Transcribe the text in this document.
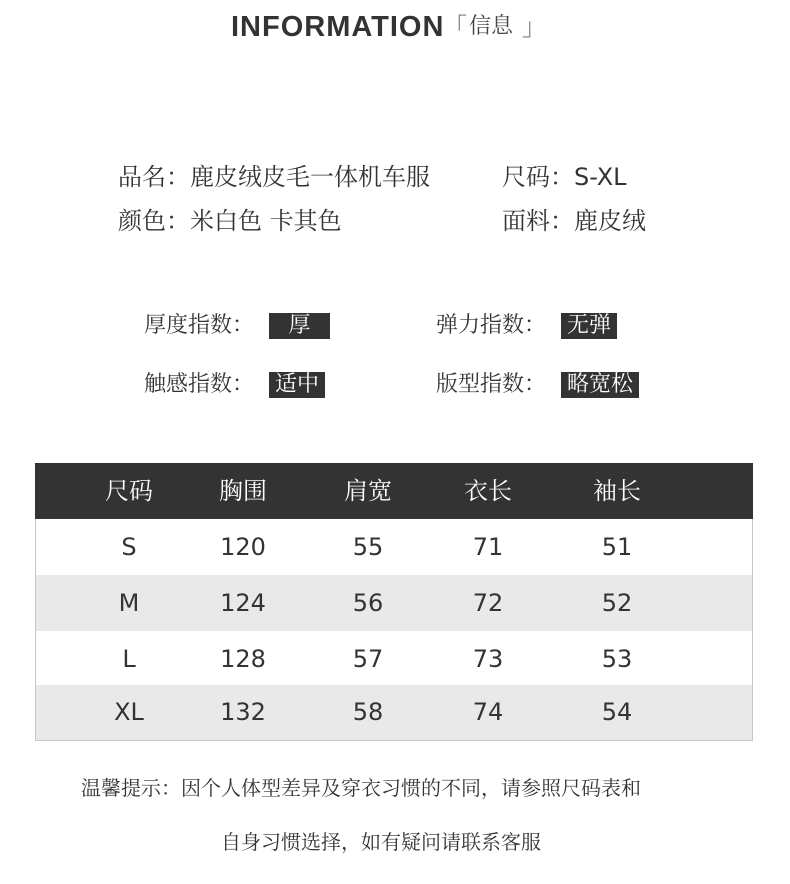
INFORMATION
「 信息 」
品名：鹿皮绒皮毛一体机车服	尺码：S-XL
颜色：米白色 卡其色	面料：鹿皮绒
厚度指数：	厚	弹力指数： 无弹
触感指数： 适中	版型指数： 略宽松
尺码	胸围	肩宽	衣长	袖长
S	120	55	71	51
M	124	56	72	52
L	128	57	73	53
XL	132	58	74	54
温馨提示：因个人体型差异及穿衣习惯的不同，请参照尺码表和
自身习惯选择，如有疑问请联系客服
